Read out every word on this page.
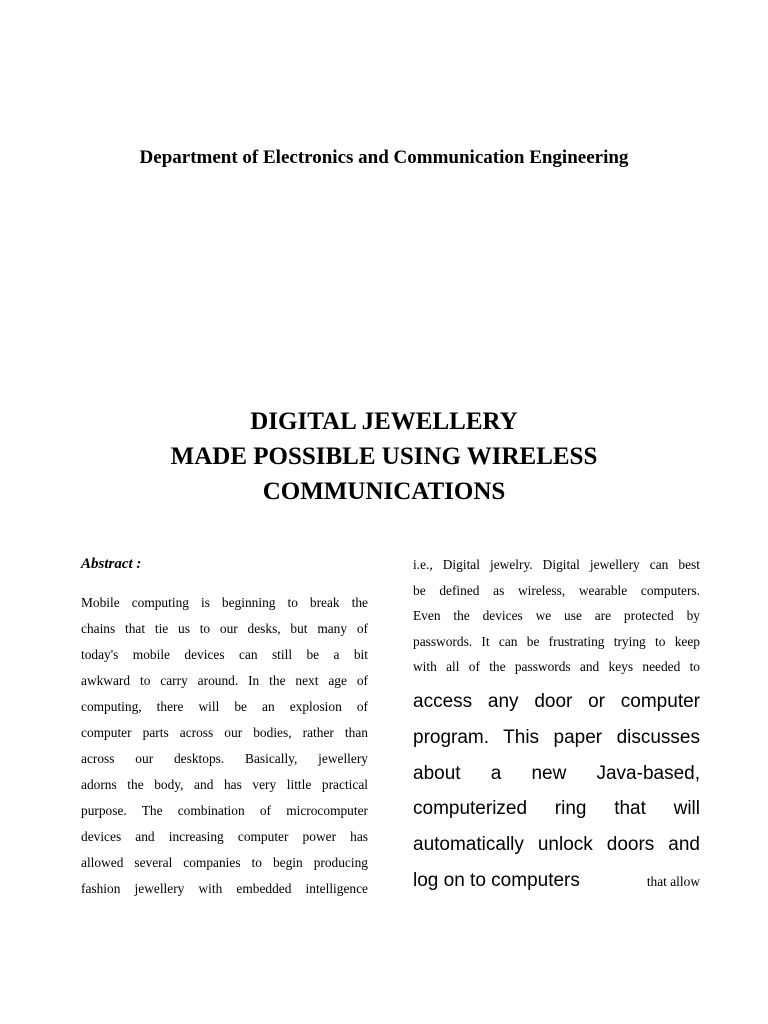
Department of Electronics and Communication Engineering
DIGITAL JEWELLERY
MADE POSSIBLE USING WIRELESS
COMMUNICATIONS
Abstract :
Mobile computing is beginning to break the
chains that tie us to our desks, but many of
today's mobile devices can still be a bit
awkward to carry around. In the next age of
computing, there will be an explosion of
computer parts across our bodies, rather than
across our desktops. Basically, jewellery
adorns the body, and has very little practical
purpose. The combination of microcomputer
devices and increasing computer power has
allowed several companies to begin producing
fashion jewellery with embedded intelligence
i.e., Digital jewelry. Digital jewellery can best
be defined as wireless, wearable computers.
Even the devices we use are protected by
passwords. It can be frustrating trying to keep
with all of the passwords and keys needed to
access any door or computer
program. This paper discusses
about a new Java-based,
computerized ring that will
automatically unlock doors and
log on to computers	that allow
